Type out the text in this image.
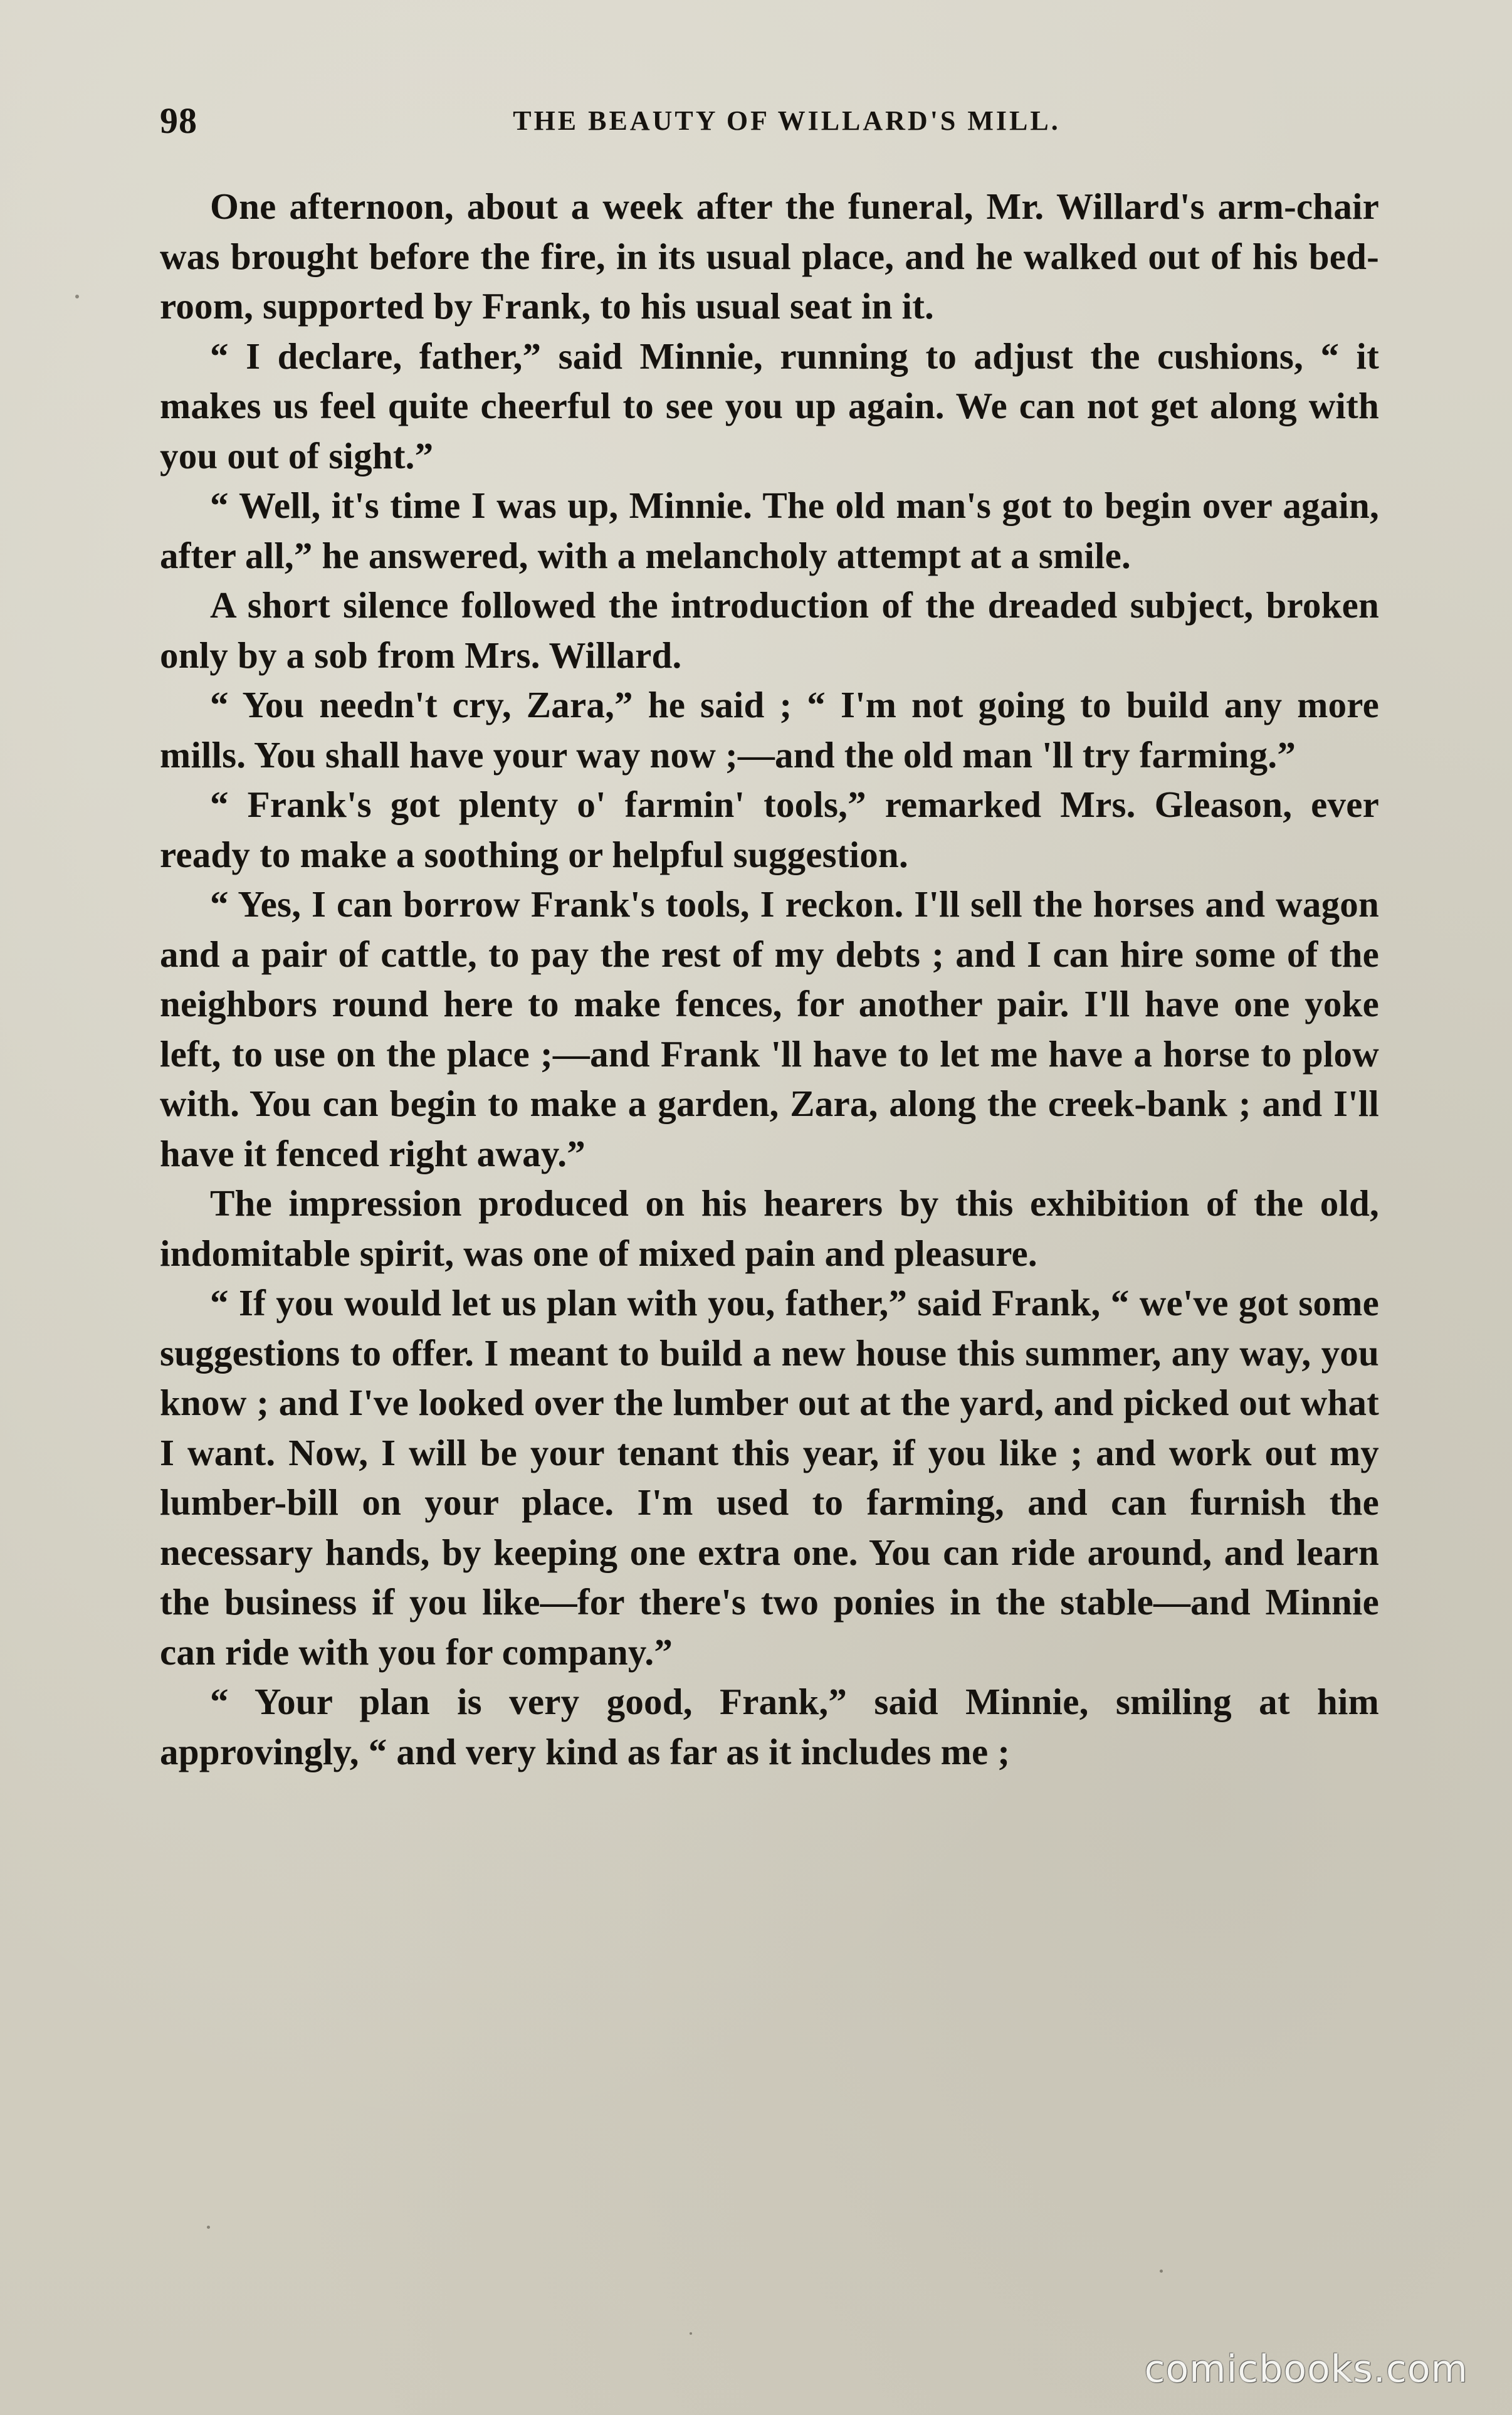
98	THE BEAUTY OF WILLARD'S MILL.

One afternoon, about a week after the funeral, Mr. Willard's arm-chair was brought before the fire, in its usual place, and he walked out of his bed-room, supported by Frank, to his usual seat in it.

“ I declare, father,” said Minnie, running to adjust the cushions, “ it makes us feel quite cheerful to see you up again. We can not get along with you out of sight.”

“ Well, it's time I was up, Minnie. The old man's got to begin over again, after all,” he answered, with a melancholy attempt at a smile.

A short silence followed the introduction of the dreaded subject, broken only by a sob from Mrs. Willard.

“ You needn't cry, Zara,” he said ; “ I'm not going to build any more mills. You shall have your way now ;—and the old man 'll try farming.”

“ Frank's got plenty o' farmin' tools,” remarked Mrs. Gleason, ever ready to make a soothing or helpful suggestion.

“ Yes, I can borrow Frank's tools, I reckon. I'll sell the horses and wagon and a pair of cattle, to pay the rest of my debts ; and I can hire some of the neighbors round here to make fences, for another pair. I'll have one yoke left, to use on the place ;—and Frank 'll have to let me have a horse to plow with. You can begin to make a garden, Zara, along the creek-bank ; and I'll have it fenced right away.”

The impression produced on his hearers by this exhibition of the old, indomitable spirit, was one of mixed pain and pleasure.

“ If you would let us plan with you, father,” said Frank, “ we've got some suggestions to offer. I meant to build a new house this summer, any way, you know ; and I've looked over the lumber out at the yard, and picked out what I want. Now, I will be your tenant this year, if you like ; and work out my lumber-bill on your place. I'm used to farming, and can furnish the necessary hands, by keeping one extra one. You can ride around, and learn the business if you like—for there's two ponies in the stable—and Minnie can ride with you for company.”

“ Your plan is very good, Frank,” said Minnie, smiling at him approvingly, “ and very kind as far as it includes me ;

comicbooks.com
